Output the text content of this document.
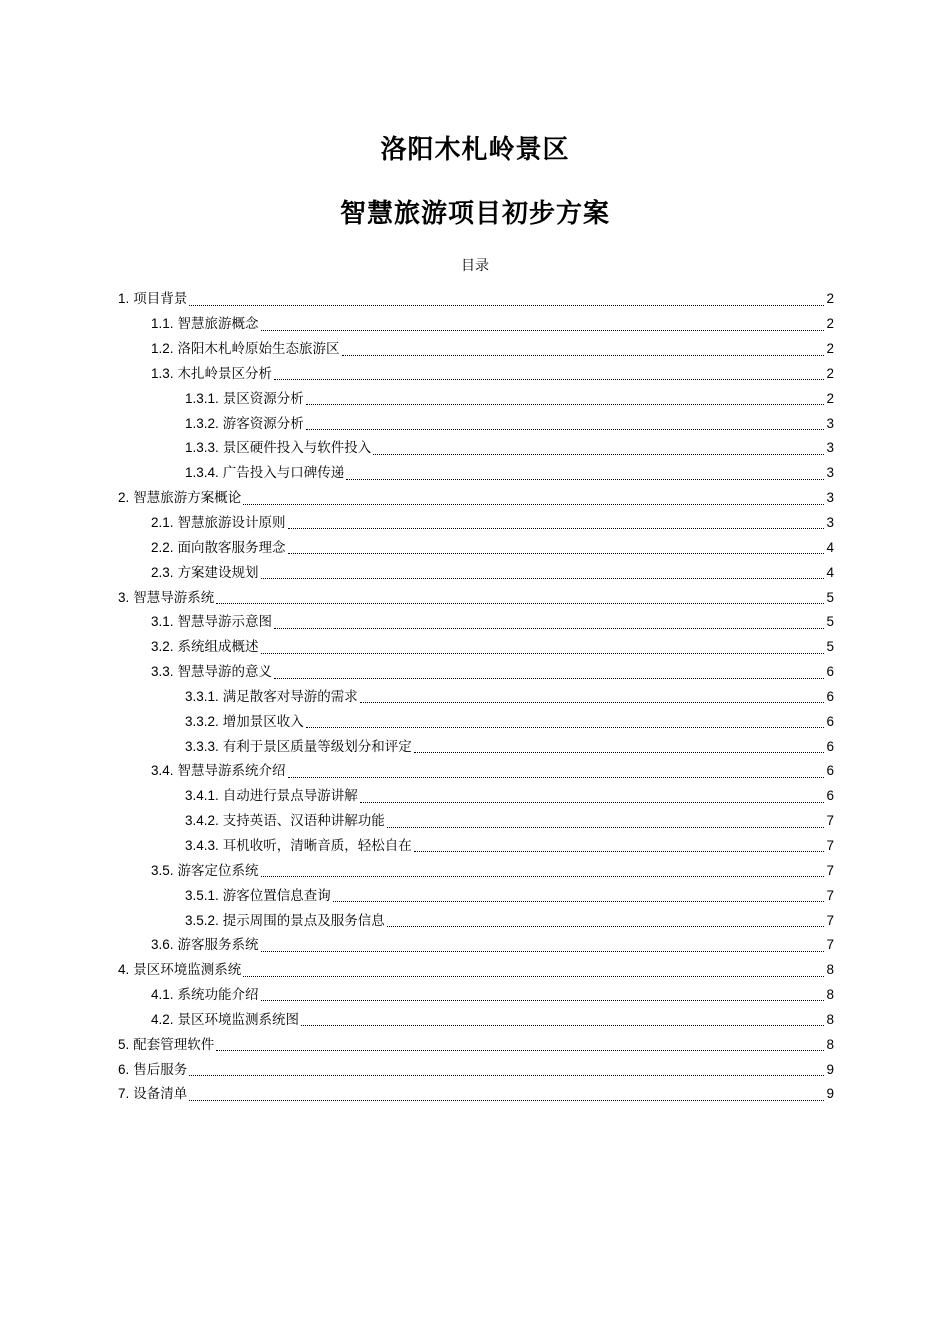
洛阳木札岭景区
智慧旅游项目初步方案
目录
1. 项目背景	2
1.1. 智慧旅游概念	2
1.2. 洛阳木札岭原始生态旅游区	2
1.3. 木扎岭景区分析	2
1.3.1. 景区资源分析	2
1.3.2. 游客资源分析	3
1.3.3. 景区硬件投入与软件投入	3
1.3.4. 广告投入与口碑传递	3
2. 智慧旅游方案概论	3
2.1. 智慧旅游设计原则	3
2.2. 面向散客服务理念	4
2.3. 方案建设规划	4
3. 智慧导游系统	5
3.1. 智慧导游示意图	5
3.2. 系统组成概述	5
3.3. 智慧导游的意义	6
3.3.1. 满足散客对导游的需求	6
3.3.2. 增加景区收入	6
3.3.3. 有利于景区质量等级划分和评定	6
3.4. 智慧导游系统介绍	6
3.4.1. 自动进行景点导游讲解	6
3.4.2. 支持英语、汉语种讲解功能	7
3.4.3. 耳机收听，清晰音质，轻松自在	7
3.5. 游客定位系统	7
3.5.1. 游客位置信息查询	7
3.5.2. 提示周围的景点及服务信息	7
3.6. 游客服务系统	7
4. 景区环境监测系统	8
4.1. 系统功能介绍	8
4.2. 景区环境监测系统图	8
5. 配套管理软件	8
6. 售后服务	9
7. 设备清单	9
